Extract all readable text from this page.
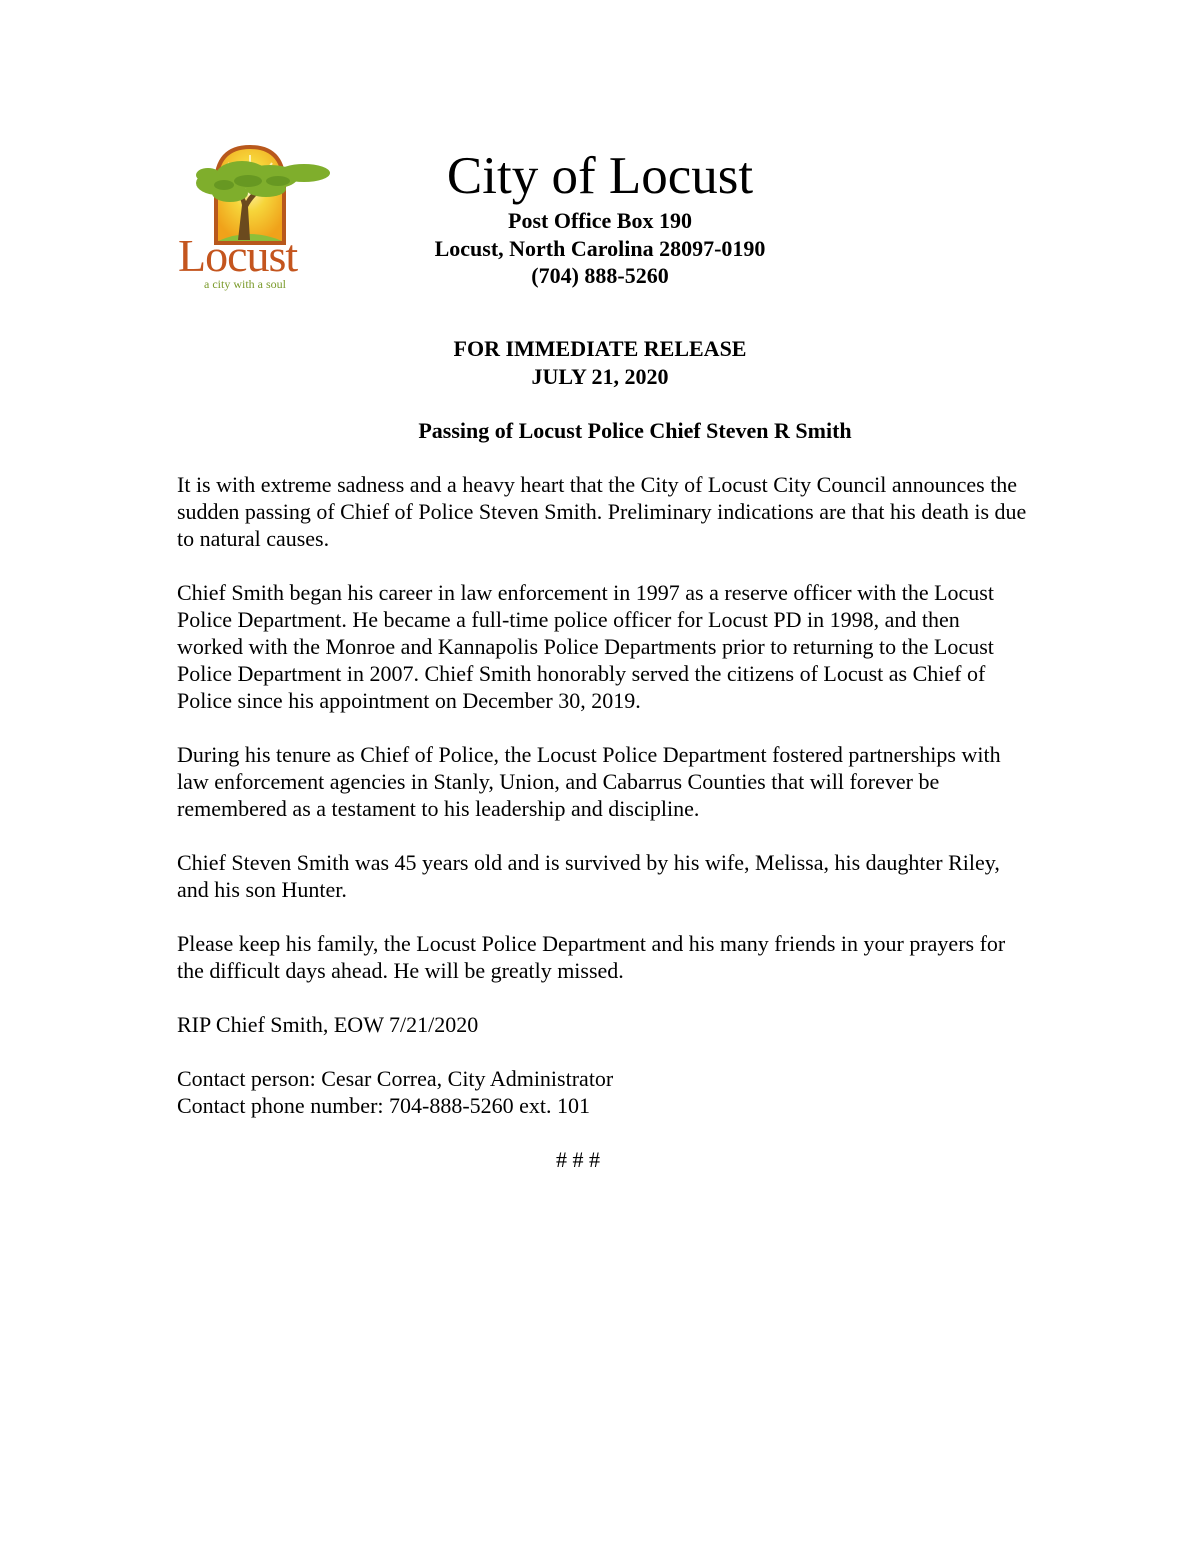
Locust
a city with a soul
City of Locust
Post Office Box 190
Locust, North Carolina 28097-0190
(704) 888-5260
FOR IMMEDIATE RELEASE
JULY 21, 2020
Passing of Locust Police Chief Steven R Smith

It is with extreme sadness and a heavy heart that the City of Locust City Council announces the sudden passing of Chief of Police Steven Smith. Preliminary indications are that his death is due to natural causes.

Chief Smith began his career in law enforcement in 1997 as a reserve officer with the Locust Police Department. He became a full-time police officer for Locust PD in 1998, and then worked with the Monroe and Kannapolis Police Departments prior to returning to the Locust Police Department in 2007. Chief Smith honorably served the citizens of Locust as Chief of Police since his appointment on December 30, 2019.

During his tenure as Chief of Police, the Locust Police Department fostered partnerships with law enforcement agencies in Stanly, Union, and Cabarrus Counties that will forever be remembered as a testament to his leadership and discipline.

Chief Steven Smith was 45 years old and is survived by his wife, Melissa, his daughter Riley, and his son Hunter.

Please keep his family, the Locust Police Department and his many friends in your prayers for the difficult days ahead. He will be greatly missed.

RIP Chief Smith, EOW 7/21/2020

Contact person: Cesar Correa, City Administrator
Contact phone number: 704-888-5260 ext. 101
# # #
